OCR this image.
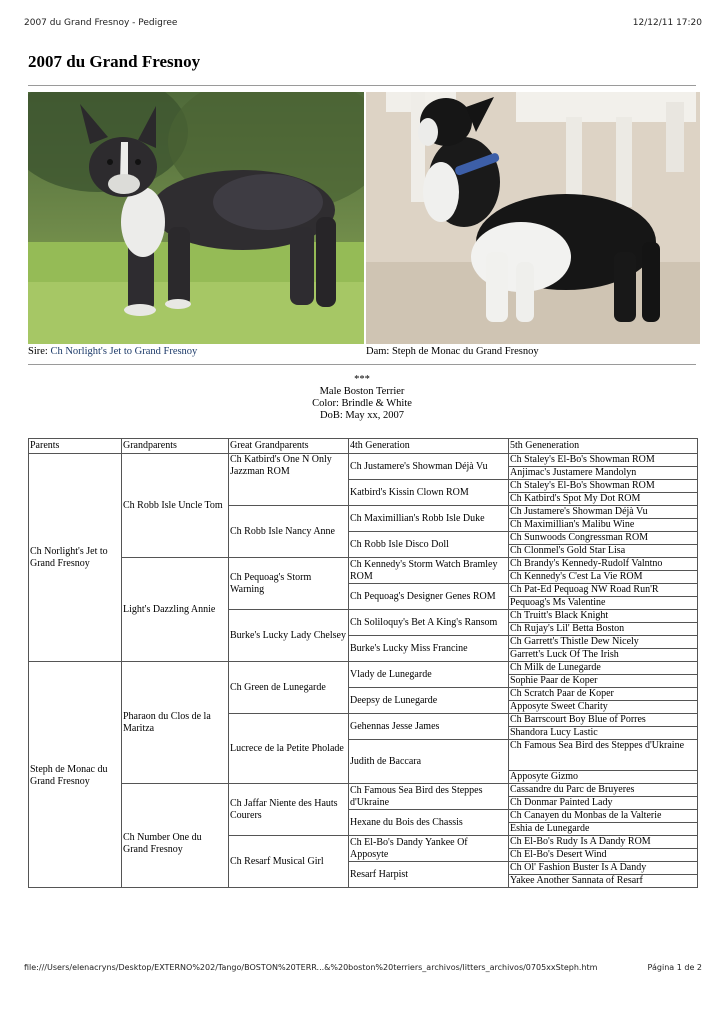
2007 du Grand Fresnoy - Pedigree	12/12/11 17:20
2007 du Grand Fresnoy
Sire: Ch Norlight's Jet to Grand Fresnoy	Dam: Steph de Monac du Grand Fresnoy
***
Male Boston Terrier
Color: Brindle & White
DoB: May xx, 2007
Parents	Grandparents	Great Grandparents	4th Generation	5th Geneneration
Ch Norlight's Jet to Grand Fresnoy	Ch Robb Isle Uncle Tom	Ch Katbird's One N Only Jazzman ROM	Ch Justamere's Showman Déjà Vu	Ch Staley's El-Bo's Showman ROM
				Anjimac's Justamere Mandolyn
			Katbird's Kissin Clown ROM	Ch Staley's El-Bo's Showman ROM
				Ch Katbird's Spot My Dot ROM
		Ch Robb Isle Nancy Anne	Ch Maximillian's Robb Isle Duke	Ch Justamere's Showman Déjà Vu
				Ch Maximillian's Malibu Wine
			Ch Robb Isle Disco Doll	Ch Sunwoods Congressman ROM
				Ch Clonmel's Gold Star Lisa
	Light's Dazzling Annie	Ch Pequoag's Storm Warning	Ch Kennedy's Storm Watch Bramley ROM	Ch Brandy's Kennedy-Rudolf Valntno
				Ch Kennedy's C'est La Vie ROM
			Ch Pequoag's Designer Genes ROM	Ch Pat-Ed Pequoag NW Road Run'R
				Pequoag's Ms Valentine
		Burke's Lucky Lady Chelsey	Ch Soliloquy's Bet A King's Ransom	Ch Truitt's Black Knight
				Ch Rujay's Lil' Betta Boston
			Burke's Lucky Miss Francine	Ch Garrett's Thistle Dew Nicely
				Garrett's Luck Of The Irish
Steph de Monac du Grand Fresnoy	Pharaon du Clos de la Maritza	Ch Green de Lunegarde	Vlady de Lunegarde	Ch Milk de Lunegarde
				Sophie Paar de Koper
			Deepsy de Lunegarde	Ch Scratch Paar de Koper
				Apposyte Sweet Charity
		Lucrece de la Petite Pholade	Gehennas Jesse James	Ch Barrscourt Boy Blue of Porres
				Shandora Lucy Lastic
			Judith de Baccara	Ch Famous Sea Bird des Steppes d'Ukraine
				Apposyte Gizmo
	Ch Number One du Grand Fresnoy	Ch Jaffar Niente des Hauts Courers	Ch Famous Sea Bird des Steppes d'Ukraine	Cassandre du Parc de Bruyeres
				Ch Donmar Painted Lady
			Hexane du Bois des Chassis	Ch Canayen du Monbas de la Valterie
				Eshia de Lunegarde
		Ch Resarf Musical Girl	Ch El-Bo's Dandy Yankee Of Apposyte	Ch El-Bo's Rudy Is A Dandy ROM
				Ch El-Bo's Desert Wind
			Resarf Harpist	Ch Ol' Fashion Buster Is A Dandy
				Yakee Another Sannata of Resarf
file:///Users/elenacryns/Desktop/EXTERNO%202/Tango/BOSTON%20TERR...&%20boston%20terriers_archivos/litters_archivos/0705xxSteph.htm	Página 1 de 2
